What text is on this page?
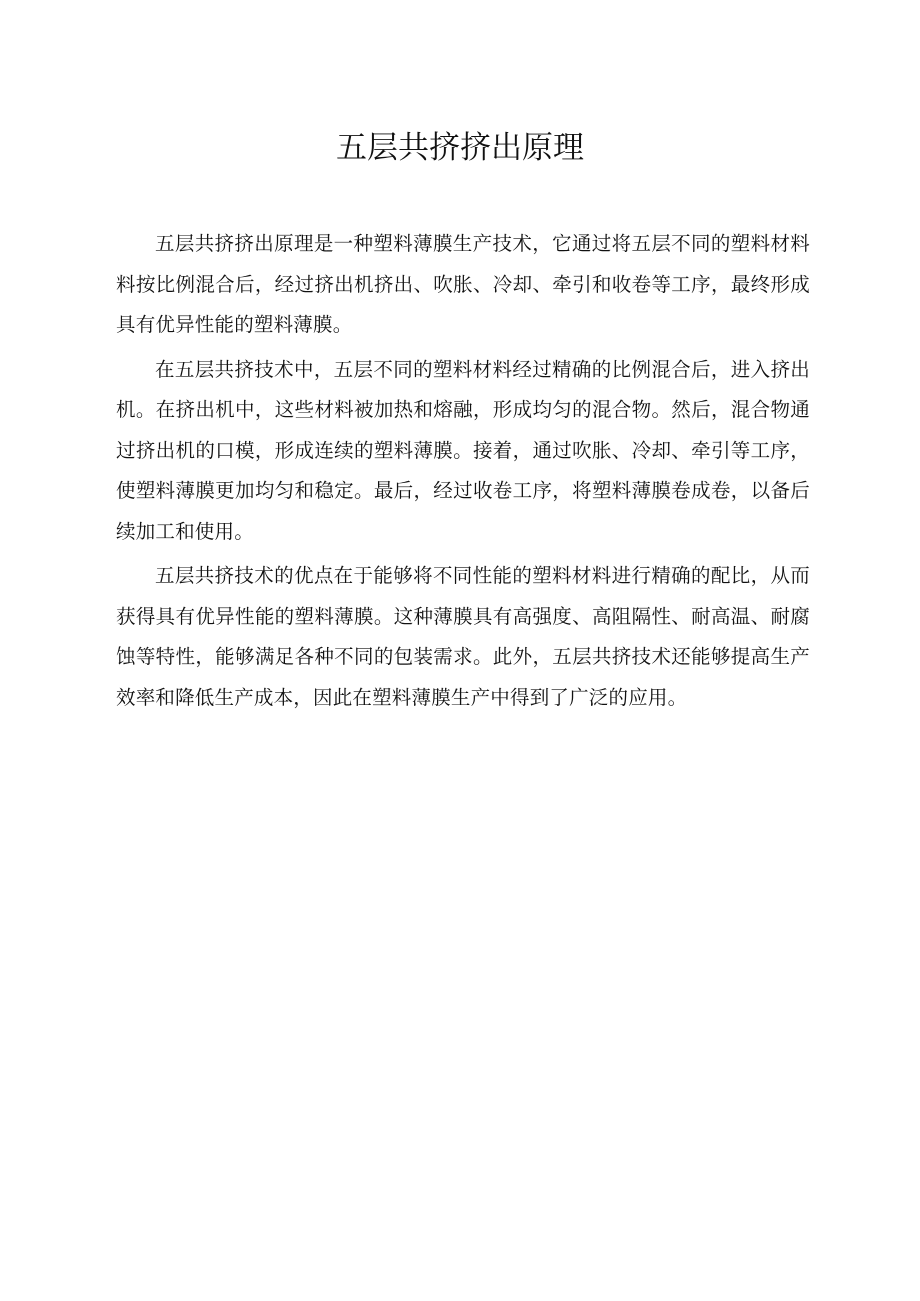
五层共挤挤出原理

五层共挤挤出原理是一种塑料薄膜生产技术，它通过将五层不同的塑料材料料按比例混合后，经过挤出机挤出、吹胀、冷却、牵引和收卷等工序，最终形成具有优异性能的塑料薄膜。

在五层共挤技术中，五层不同的塑料材料经过精确的比例混合后，进入挤出机。在挤出机中，这些材料被加热和熔融，形成均匀的混合物。然后，混合物通过挤出机的口模，形成连续的塑料薄膜。接着，通过吹胀、冷却、牵引等工序，使塑料薄膜更加均匀和稳定。最后，经过收卷工序，将塑料薄膜卷成卷，以备后续加工和使用。

五层共挤技术的优点在于能够将不同性能的塑料材料进行精确的配比，从而获得具有优异性能的塑料薄膜。这种薄膜具有高强度、高阻隔性、耐高温、耐腐蚀等特性，能够满足各种不同的包装需求。此外，五层共挤技术还能够提高生产效率和降低生产成本，因此在塑料薄膜生产中得到了广泛的应用。
